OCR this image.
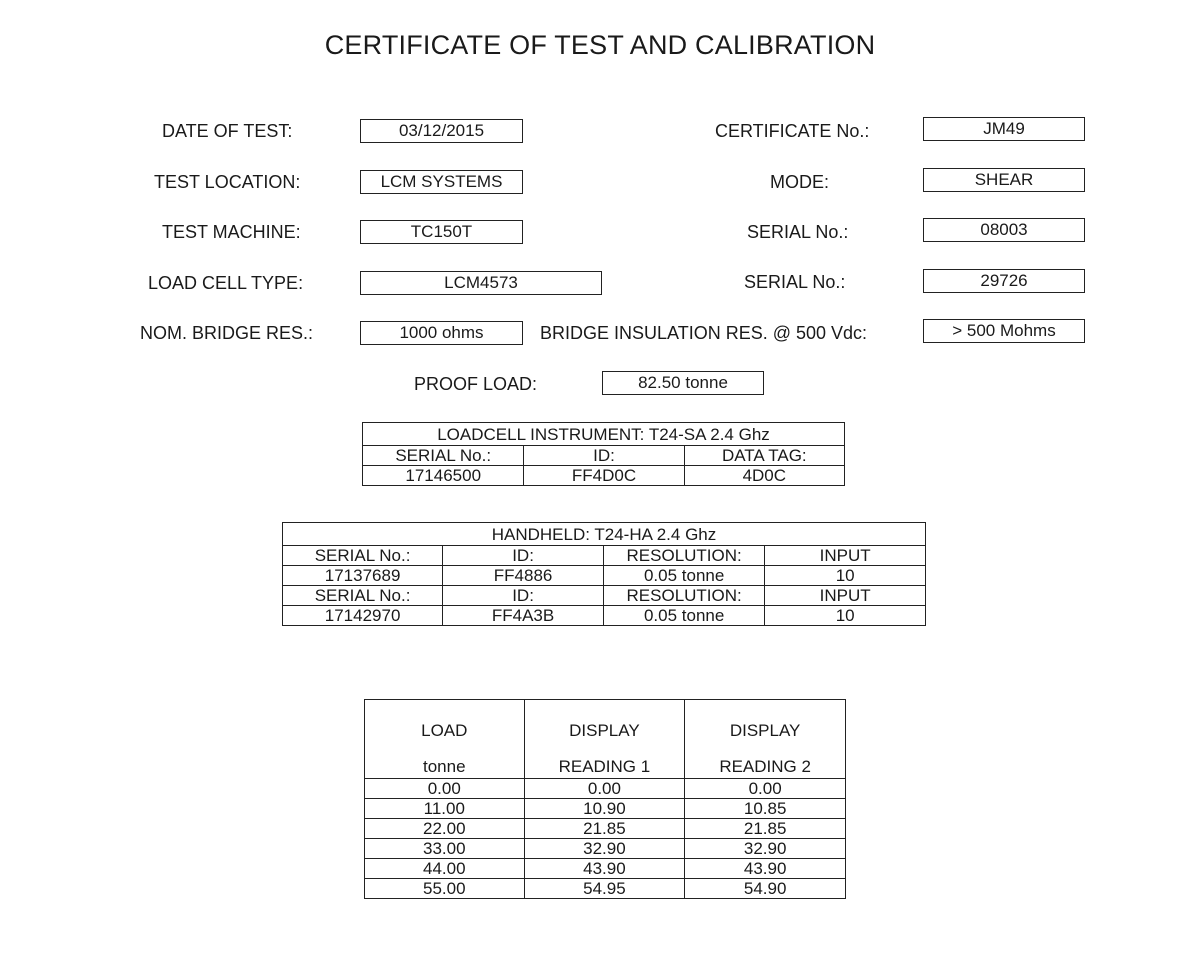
CERTIFICATE OF TEST AND CALIBRATION
DATE OF TEST:	03/12/2015	CERTIFICATE No.:	JM49
TEST LOCATION:	LCM SYSTEMS	MODE:	SHEAR
TEST MACHINE:	TC150T	SERIAL No.:	08003
LOAD CELL TYPE:	LCM4573	SERIAL No.:	29726
NOM. BRIDGE RES.:	1000 ohms	BRIDGE INSULATION RES. @ 500 Vdc:	> 500 Mohms
PROOF LOAD:	82.50 tonne
LOADCELL INSTRUMENT: T24-SA 2.4 Ghz		
SERIAL No.:	ID:	DATA TAG:
17146500	FF4D0C	4D0C
HANDHELD: T24-HA 2.4 Ghz			
SERIAL No.:	ID:	RESOLUTION:	INPUT
17137689	FF4886	0.05 tonne	10
SERIAL No.:	ID:	RESOLUTION:	INPUT
17142970	FF4A3B	0.05 tonne	10
LOAD	DISPLAY	DISPLAY
tonne	READING 1	READING 2
0.00	0.00	0.00
11.00	10.90	10.85
22.00	21.85	21.85
33.00	32.90	32.90
44.00	43.90	43.90
55.00	54.95	54.90
